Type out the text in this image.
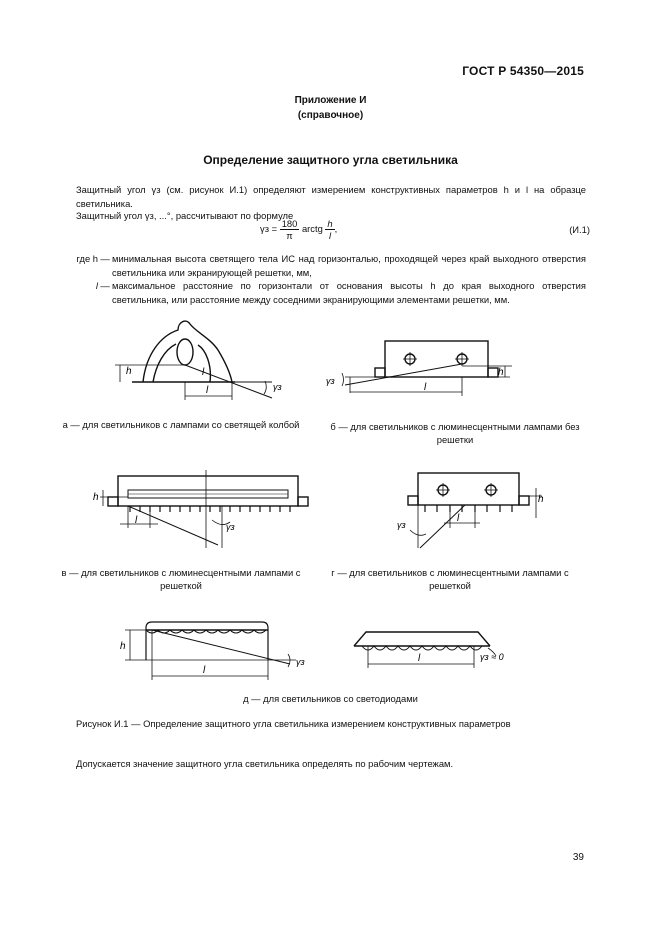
ГОСТ Р 54350—2015
Приложение И
(справочное)
Определение защитного угла светильника
Защитный угол γз (см. рисунок И.1) определяют измерением конструктивных параметров h и l на образце светильника.
Защитный угол γз, ...°, рассчитывают по формуле
$\gamma з = \frac{180}{\pi}$ arctg $\frac{h}{l}$ ,	(И.1)
где h — минимальная высота светящего тела ИС над горизонталью, проходящей через край выходного отверстия светильника или экранирующей решетки, мм,
l — максимальное расстояние по горизонтали от основания высоты h до края выходного отверстия светильника, или расстояние между соседними экранирующими элементами решетки, мм.
h
l
l
γз
γз
l
h
а — для светильников с лампами со светящей колбой	б — для светильников с люминесцентными лампами без решетки
h
l
γз	γз
l
h
в — для светильников с люминесцентными лампами с решеткой
г — для светильников с люминесцентными лампами с решеткой
h
l
γз	l	γз ≈ 0
д — для светильников со светодиодами
Рисунок И.1 — Определение защитного угла светильника измерением конструктивных параметров
Допускается значение защитного угла светильника определять по рабочим чертежам.
39
